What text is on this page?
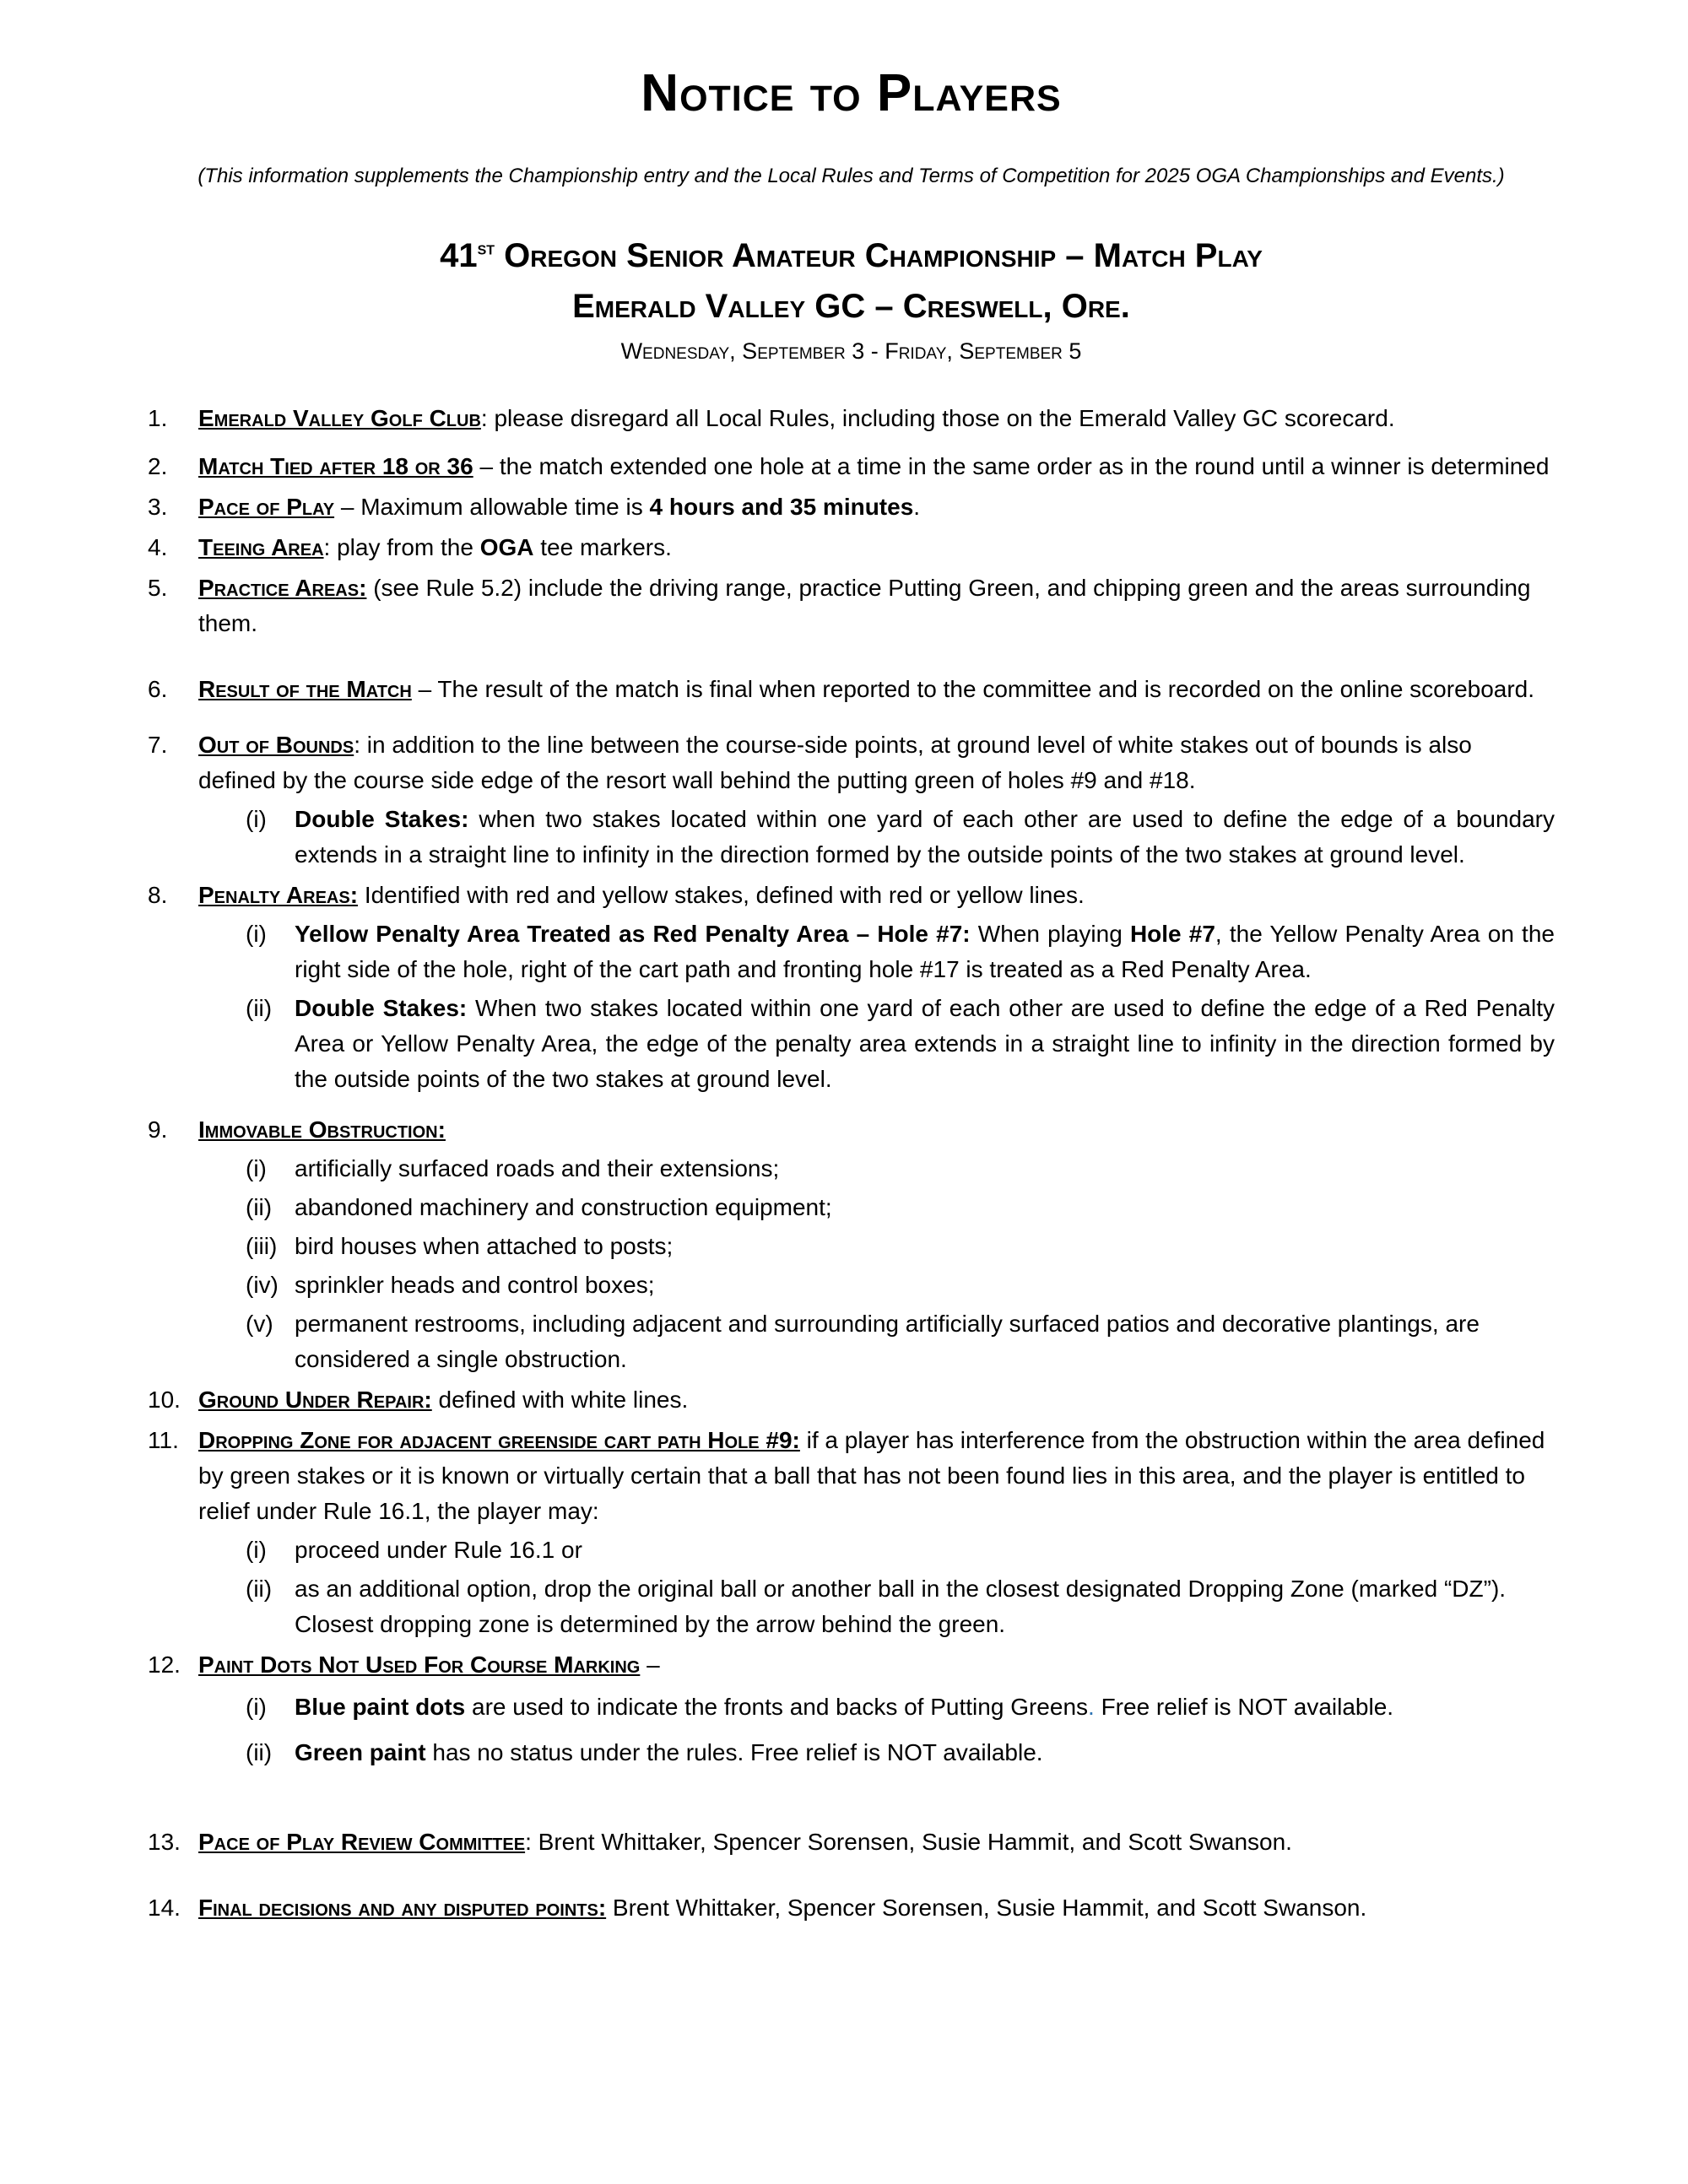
Notice to Players

(This information supplements the Championship entry and the Local Rules and Terms of Competition for 2025 OGA Championships and Events.)

41st Oregon Senior Amateur Championship – Match Play
Emerald Valley GC – Creswell, Ore.
Wednesday, September 3 - Friday, September 5
1.	Emerald Valley Golf Club: please disregard all Local Rules, including those on the Emerald Valley GC scorecard.
2.	Match Tied after 18 or 36 – the match extended one hole at a time in the same order as in the round until a winner is determined
3.	Pace of Play – Maximum allowable time is 4 hours and 35 minutes.
4.	Teeing Area: play from the OGA tee markers.
5.	Practice Areas: (see Rule 5.2) include the driving range, practice Putting Green, and chipping green and the areas surrounding them.
6.	Result of the Match – The result of the match is final when reported to the committee and is recorded on the online scoreboard.
7.	Out of Bounds: in addition to the line between the course-side points, at ground level of white stakes out of bounds is also defined by the course side edge of the resort wall behind the putting green of holes #9 and #18.
(i)	Double Stakes: when two stakes located within one yard of each other are used to define the edge of a boundary extends in a straight line to infinity in the direction formed by the outside points of the two stakes at ground level.
8.	Penalty Areas: Identified with red and yellow stakes, defined with red or yellow lines.
(i)	Yellow Penalty Area Treated as Red Penalty Area – Hole #7: When playing Hole #7, the Yellow Penalty Area on the right side of the hole, right of the cart path and fronting hole #17 is treated as a Red Penalty Area.
(ii) Double Stakes: When two stakes located within one yard of each other are used to define the edge of a Red Penalty Area or Yellow Penalty Area, the edge of the penalty area extends in a straight line to infinity in the direction formed by the outside points of the two stakes at ground level.
9.	Immovable Obstruction:
(i)	artificially surfaced roads and their extensions;
(ii) abandoned machinery and construction equipment;
(iii) bird houses when attached to posts;
(iv) sprinkler heads and control boxes;
(v) permanent restrooms, including adjacent and surrounding artificially surfaced patios and decorative plantings, are considered a single obstruction.
10. Ground Under Repair: defined with white lines.
11. Dropping Zone for adjacent greenside cart path Hole #9: if a player has interference from the obstruction within the area defined by green stakes or it is known or virtually certain that a ball that has not been found lies in this area, and the player is entitled to relief under Rule 16.1, the player may:
(i)	proceed under Rule 16.1 or
(ii) as an additional option, drop the original ball or another ball in the closest designated Dropping Zone (marked “DZ”). Closest dropping zone is determined by the arrow behind the green.
12. Paint Dots Not Used For Course Marking –
(i)	Blue paint dots are used to indicate the fronts and backs of Putting Greens. Free relief is NOT available.
(ii) Green paint has no status under the rules. Free relief is NOT available.
13. Pace of Play Review Committee: Brent Whittaker, Spencer Sorensen, Susie Hammit, and Scott Swanson.
14. Final decisions and any disputed points: Brent Whittaker, Spencer Sorensen, Susie Hammit, and Scott Swanson.
